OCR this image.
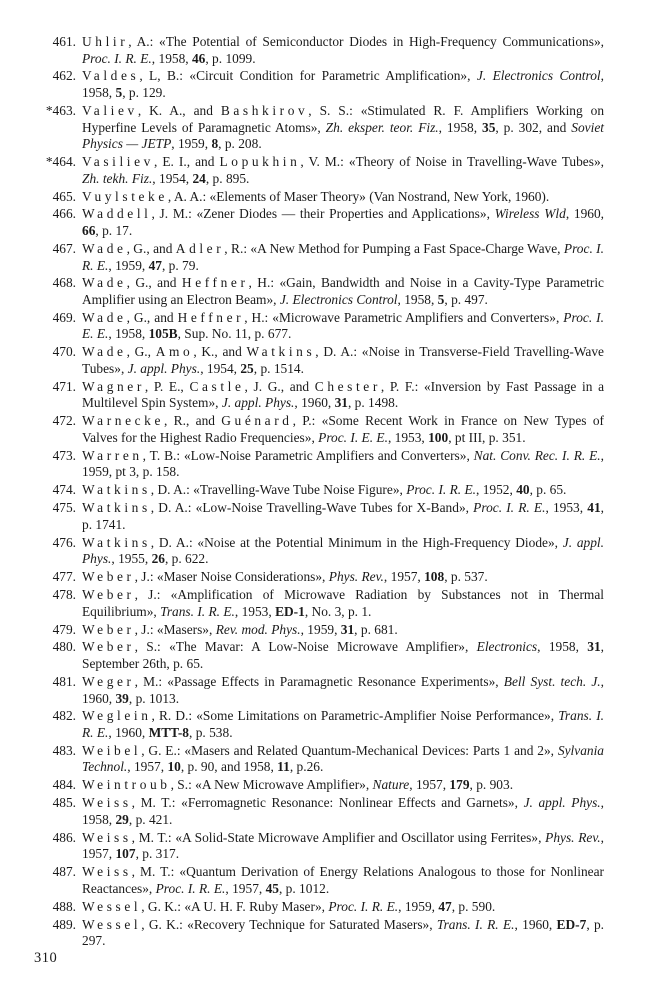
461. Uhlir, A.: «The Potential of Semiconductor Diodes in High-Frequency Communications», Proc. I. R. E., 1958, 46, p. 1099.
462. Valdes, L, B.: «Circuit Condition for Parametric Amplification», J. Electronics Control, 1958, 5, p. 129.
*463. Valiev, K. A., and Bashkirov, S. S.: «Stimulated R. F. Amplifiers Working on Hyperfine Levels of Paramagnetic Atoms», Zh. eksper. teor. Fiz., 1958, 35, p. 302, and Soviet Physics — JETP, 1959, 8, p. 208.
*464. Vasiliev, E. I., and Lopukhin, V. M.: «Theory of Noise in Travelling-Wave Tubes», Zh. tekh. Fiz., 1954, 24, p. 895.
465. Vuylsteke, A. A.: «Elements of Maser Theory» (Van Nostrand, New York, 1960).
466. Waddell, J. M.: «Zener Diodes — their Properties and Applications», Wireless Wld, 1960, 66, p. 17.
467. Wade, G., and Adler, R.: «A New Method for Pumping a Fast Space-Charge Wave, Proc. I. R. E., 1959, 47, p. 79.
468. Wade, G., and Heffner, H.: «Gain, Bandwidth and Noise in a Cavity-Type Parametric Amplifier using an Electron Beam», J. Electronics Control, 1958, 5, p. 497.
469. Wade, G., and Heffner, H.: «Microwave Parametric Amplifiers and Converters», Proc. I. E. E., 1958, 105B, Sup. No. 11, p. 677.
470. Wade, G., Amo, K., and Watkins, D. A.: «Noise in Transverse-Field Travelling-Wave Tubes», J. appl. Phys., 1954, 25, p. 1514.
471. Wagner, P. E., Castle, J. G., and Chester, P. F.: «Inversion by Fast Passage in a Multilevel Spin System», J. appl. Phys., 1960, 31, p. 1498.
472. Warnecke, R., and Guénard, P.: «Some Recent Work in France on New Types of Valves for the Highest Radio Frequencies», Proc. I. E. E., 1953, 100, pt III, p. 351.
473. Warren, T. B.: «Low-Noise Parametric Amplifiers and Converters», Nat. Conv. Rec. I. R. E., 1959, pt 3, p. 158.
474. Watkins, D. A.: «Travelling-Wave Tube Noise Figure», Proc. I. R. E., 1952, 40, p. 65.
475. Watkins, D. A.: «Low-Noise Travelling-Wave Tubes for X-Band», Proc. I. R. E., 1953, 41, p. 1741.
476. Watkins, D. A.: «Noise at the Potential Minimum in the High-Frequency Diode», J. appl. Phys., 1955, 26, p. 622.
477. Weber, J.: «Maser Noise Considerations», Phys. Rev., 1957, 108, p. 537.
478. Weber, J.: «Amplification of Microwave Radiation by Substances not in Thermal Equilibrium», Trans. I. R. E., 1953, ED-1, No. 3, p. 1.
479. Weber, J.: «Masers», Rev. mod. Phys., 1959, 31, p. 681.
480. Weber, S.: «The Mavar: A Low-Noise Microwave Amplifier», Electronics, 1958, 31, September 26th, p. 65.
481. Weger, M.: «Passage Effects in Paramagnetic Resonance Experiments», Bell Syst. tech. J., 1960, 39, p. 1013.
482. Weglein, R. D.: «Some Limitations on Parametric-Amplifier Noise Performance», Trans. I. R. E., 1960, MTT-8, p. 538.
483. Weibel, G. E.: «Masers and Related Quantum-Mechanical Devices: Parts 1 and 2», Sylvania Technol., 1957, 10, p. 90, and 1958, 11, p.26.
484. Weintroub, S.: «A New Microwave Amplifier», Nature, 1957, 179, p. 903.
485. Weiss, M. T.: «Ferromagnetic Resonance: Nonlinear Effects and Garnets», J. appl. Phys., 1958, 29, p. 421.
486. Weiss, M. T.: «A Solid-State Microwave Amplifier and Oscillator using Ferrites», Phys. Rev., 1957, 107, p. 317.
487. Weiss, M. T.: «Quantum Derivation of Energy Relations Analogous to those for Nonlinear Reactances», Proc. I. R. E., 1957, 45, p. 1012.
488. Wessel, G. K.: «A U. H. F. Ruby Maser», Proc. I. R. E., 1959, 47, p. 590.
489. Wessel, G. K.: «Recovery Technique for Saturated Masers», Trans. I. R. E., 1960, ED-7, p. 297.
310
